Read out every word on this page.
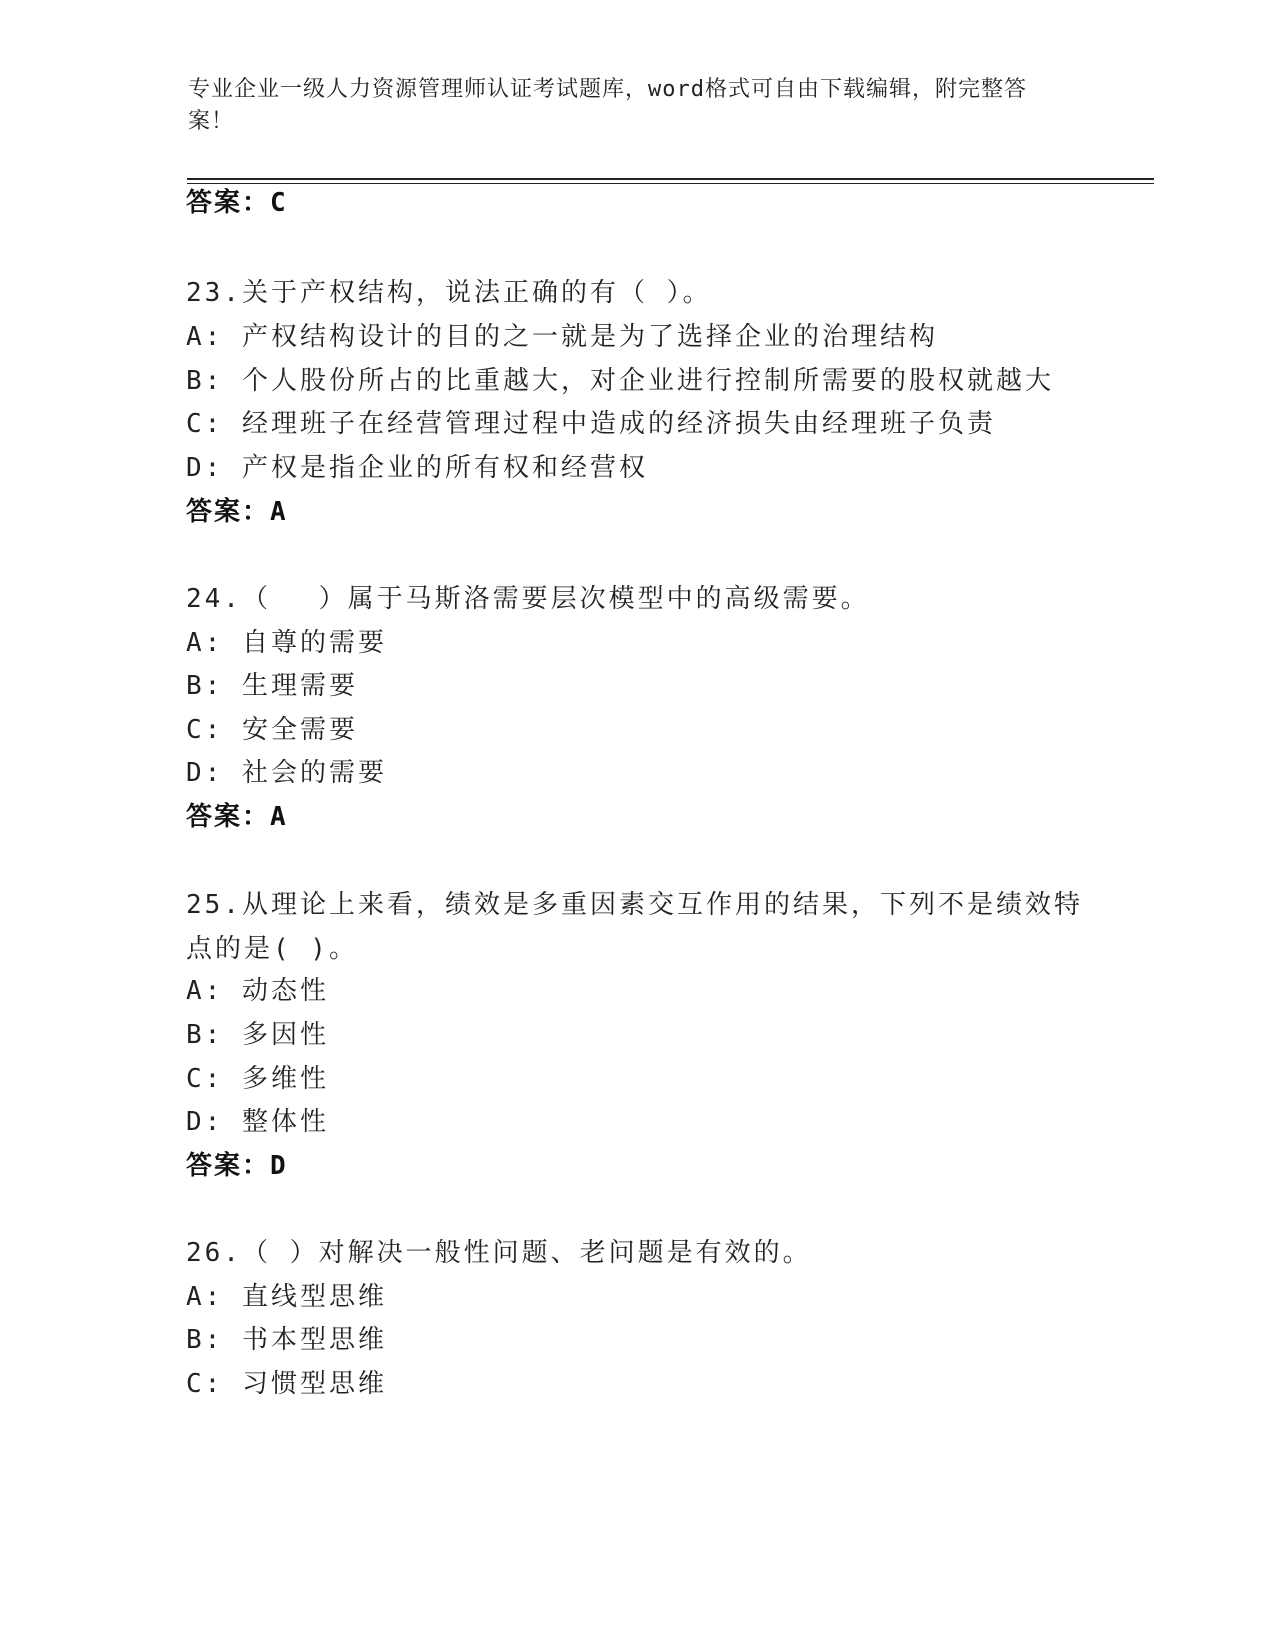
专业企业一级人力资源管理师认证考试题库，word格式可自由下载编辑，附完整答案！
答案：C
23.关于产权结构，说法正确的有（ ）。
A: 产权结构设计的目的之一就是为了选择企业的治理结构
B: 个人股份所占的比重越大，对企业进行控制所需要的股权就越大
C: 经理班子在经营管理过程中造成的经济损失由经理班子负责
D: 产权是指企业的所有权和经营权
答案：A
24.（　 ）属于马斯洛需要层次模型中的高级需要。
A: 自尊的需要
B: 生理需要
C: 安全需要
D: 社会的需要
答案：A
25.从理论上来看，绩效是多重因素交互作用的结果，下列不是绩效特点的是( )。
A: 动态性
B: 多因性
C: 多维性
D: 整体性
答案：D
26.（ ）对解决一般性问题、老问题是有效的。
A: 直线型思维
B: 书本型思维
C: 习惯型思维
